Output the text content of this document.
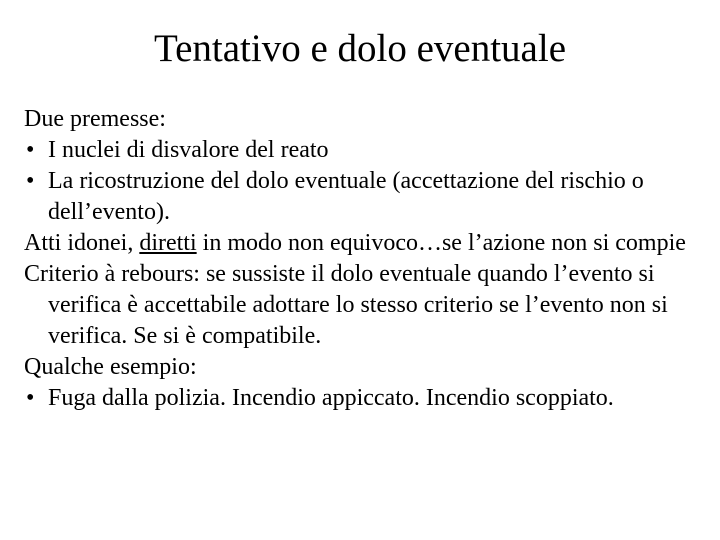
Tentativo e dolo eventuale

Due premesse:

• I nuclei di disvalore del reato
• La ricostruzione del dolo eventuale (accettazione del rischio o dell’evento).

Atti idonei, diretti in modo non equivoco…se l’azione non si compie

Criterio à rebours: se sussiste il dolo eventuale quando l’evento si verifica è accettabile adottare lo stesso criterio se l’evento non si verifica. Se si è compatibile.

Qualche esempio:

• Fuga dalla polizia. Incendio appiccato. Incendio scoppiato.
